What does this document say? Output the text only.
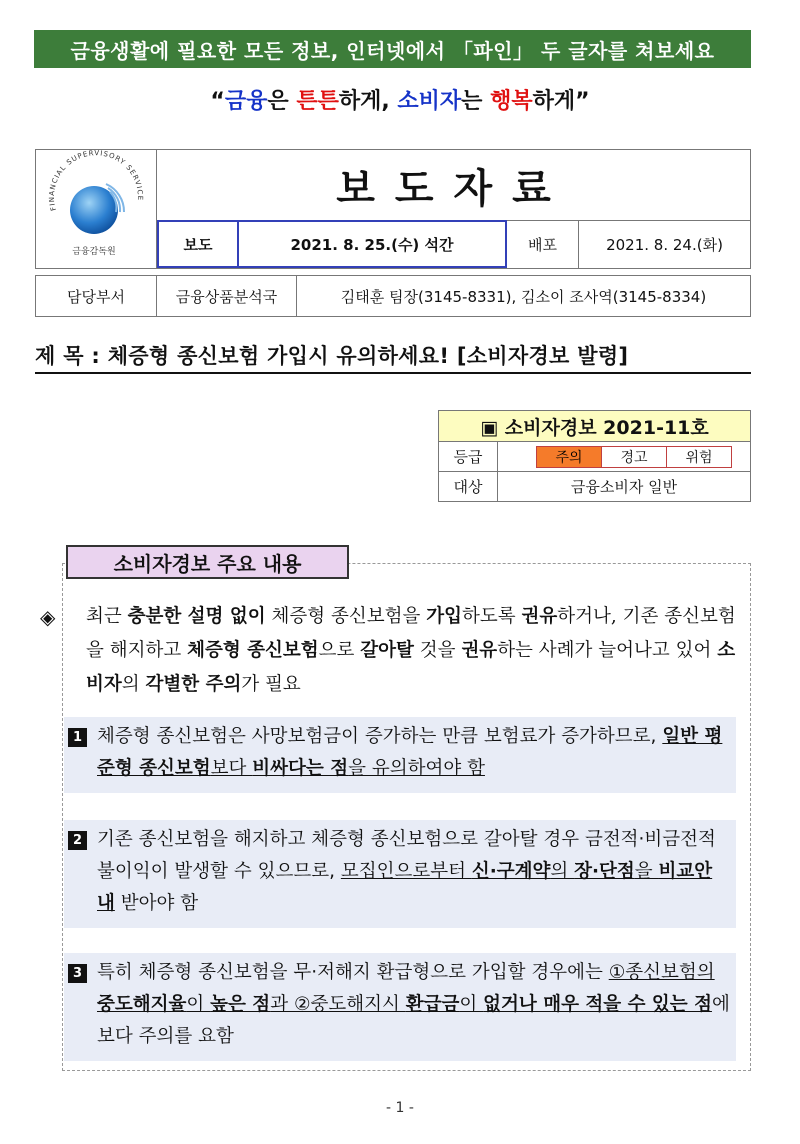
금융생활에 필요한 모든 정보, 인터넷에서 「파인」 두 글자를 쳐보세요
“금융은 튼튼하게, 소비자는 행복하게”
FINANCIAL SUPERVISORY SERVICE
금융감독원
보도자료
보도	2021. 8. 25.(수) 석간	배포	2021. 8. 24.(화)
담당부서	금융상품분석국	김태훈 팀장(3145-8331), 김소이 조사역(3145-8334)
제 목 : 체증형 종신보험 가입시 유의하세요! [소비자경보 발령]
▣ 소비자경보 2021-11호
등급	주의	경고	위험
대상	금융소비자 일반
소비자경보 주요 내용
◈ 최근 충분한 설명 없이 체증형 종신보험을 가입하도록 권유하거나, 기존 종신보험을 해지하고 체증형 종신보험으로 갈아탈 것을 권유하는 사례가 늘어나고 있어 소비자의 각별한 주의가 필요
1 체증형 종신보험은 사망보험금이 증가하는 만큼 보험료가 증가하므로, 일반 평준형 종신보험보다 비싸다는 점을 유의하여야 함
2 기존 종신보험을 해지하고 체증형 종신보험으로 갈아탈 경우 금전적·비금전적 불이익이 발생할 수 있으므로, 모집인으로부터 신·구계약의 장·단점을 비교안내 받아야 함
3 특히 체증형 종신보험을 무·저해지 환급형으로 가입할 경우에는 ①종신보험의 중도해지율이 높은 점과 ②중도해지시 환급금이 없거나 매우 적을 수 있는 점에 보다 주의를 요함
- 1 -
